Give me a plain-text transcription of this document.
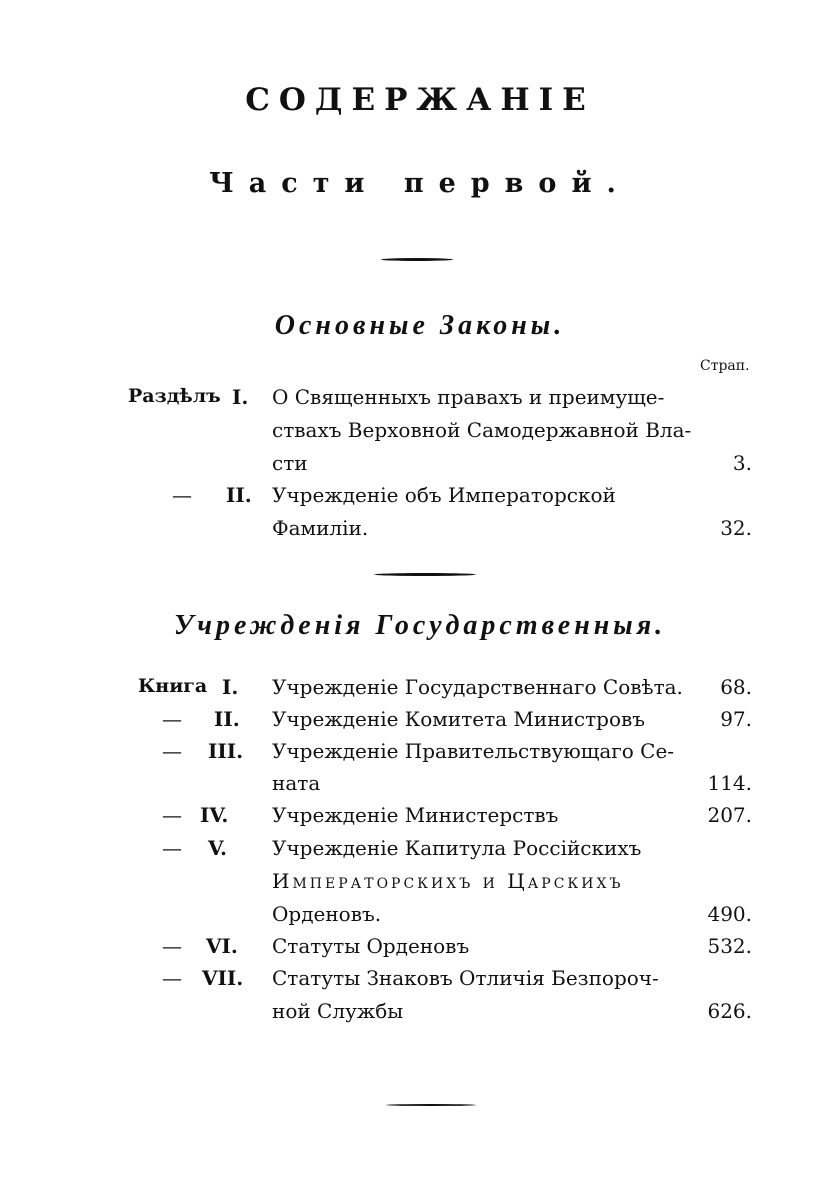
СОДЕРЖАНІЕ
Части первой.
Основные Законы.
Страп.
Раздѣлъ I. О Священныхъ правахъ и преимуще-
ствахъ Верховной Самодержавной Вла-
сти	3.
— II. Учрежденіе объ Императорской
Фамиліи.	32.
Учрежденія Государственныя.
Книга I. Учрежденіе Государственнаго Совѣта.	68.
— II. Учрежденіе Комитета Министровъ	97.
— III. Учрежденіе Правительствующаго Се-
ната	114.
— IV. Учрежденіе Министерствъ	207.
— V. Учрежденіе Капитула Россійскихъ
Императорскихъ и Царскихъ
Орденовъ.	490.
— VI. Статуты Орденовъ	532.
— VII. Статуты Знаковъ Отличія Безпороч-
ной Службы	626.
